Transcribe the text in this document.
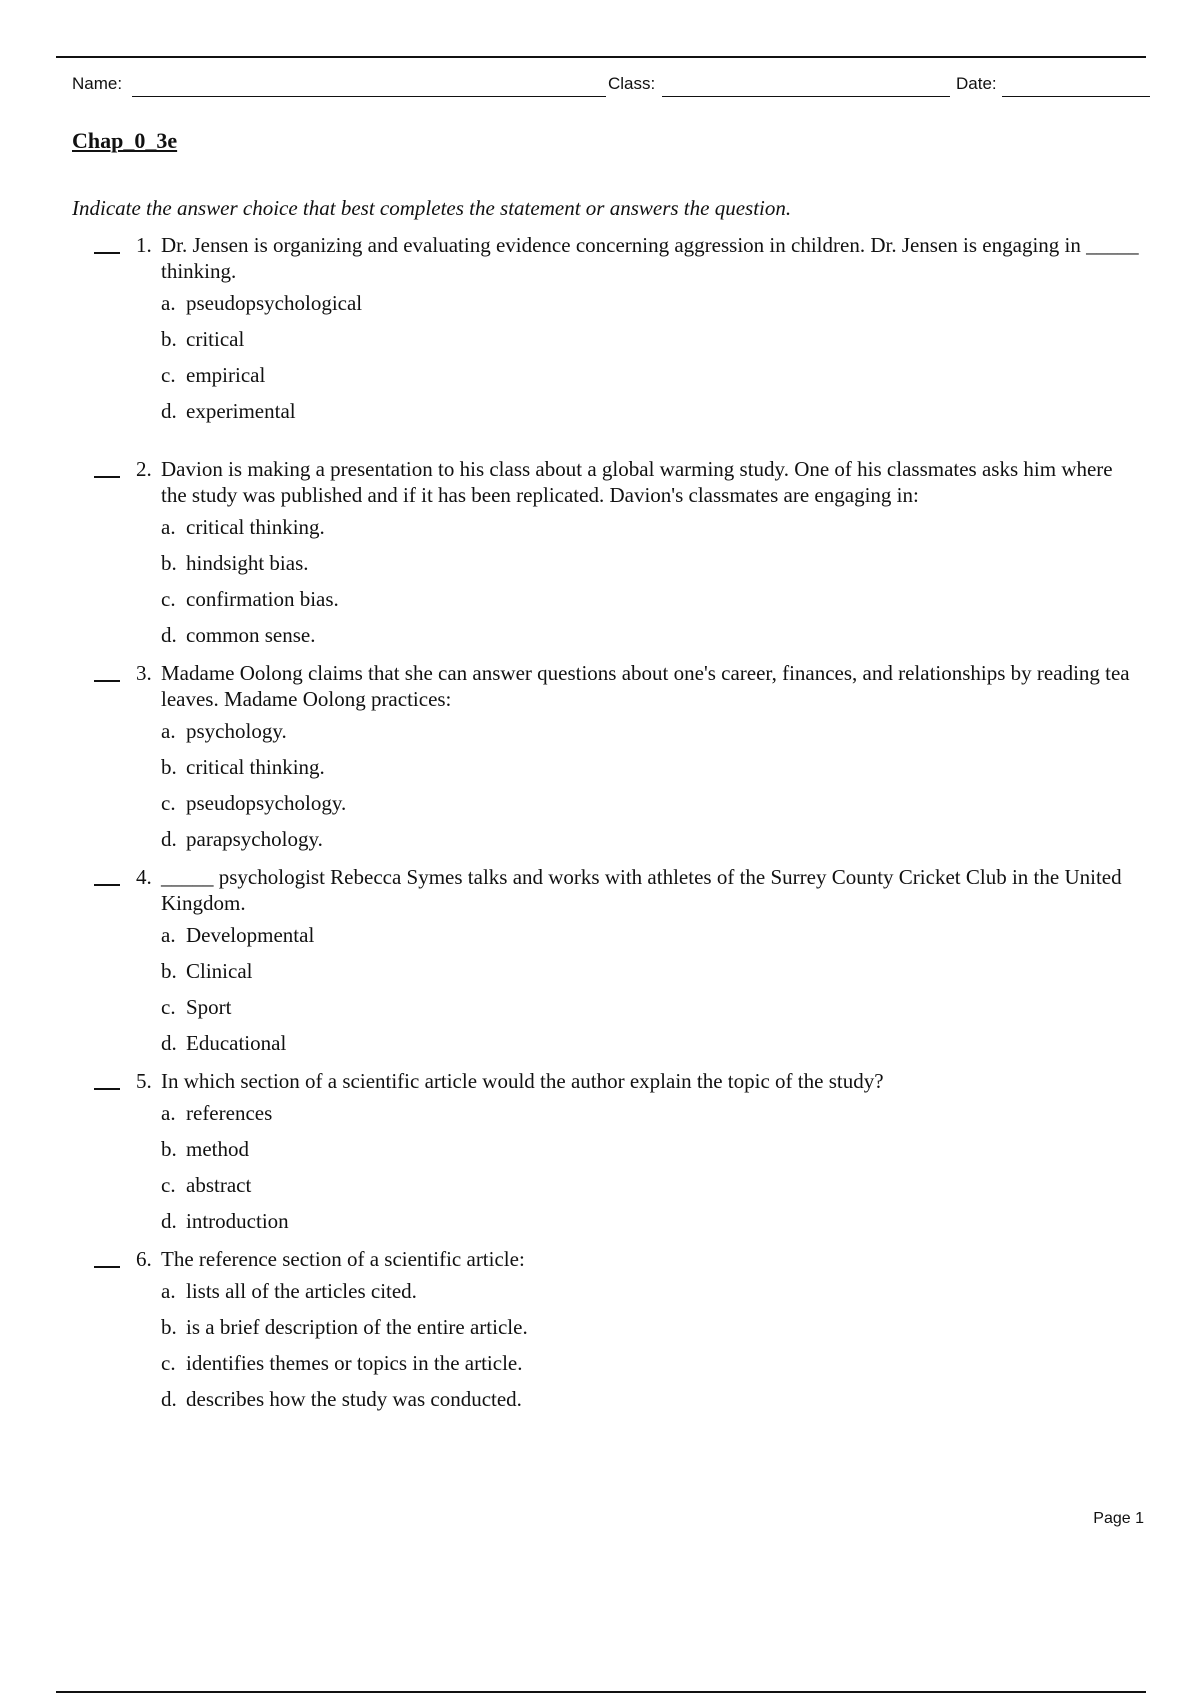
Name:	Class:	Date:
Chap_0_3e

Indicate the answer choice that best completes the statement or answers the question.

1. Dr. Jensen is organizing and evaluating evidence concerning aggression in children. Dr. Jensen is engaging in _____ thinking.

a. pseudopsychological
b. critical
c. empirical
d. experimental
2. Davion is making a presentation to his class about a global warming study. One of his classmates asks him where the study was published and if it has been replicated. Davion's classmates are engaging in:

a. critical thinking.
b. hindsight bias.
c. confirmation bias.
d. common sense.
3. Madame Oolong claims that she can answer questions about one's career, finances, and relationships by reading tea leaves. Madame Oolong practices:

a. psychology.
b. critical thinking.
c. pseudopsychology.
d. parapsychology.
4. _____ psychologist Rebecca Symes talks and works with athletes of the Surrey County Cricket Club in the United Kingdom.

a. Developmental
b. Clinical
c. Sport
d. Educational
5. In which section of a scientific article would the author explain the topic of the study?

a. references
b. method
c. abstract
d. introduction
6. The reference section of a scientific article:

a. lists all of the articles cited.
b. is a brief description of the entire article.
c. identifies themes or topics in the article.
d. describes how the study was conducted.
Page 1
